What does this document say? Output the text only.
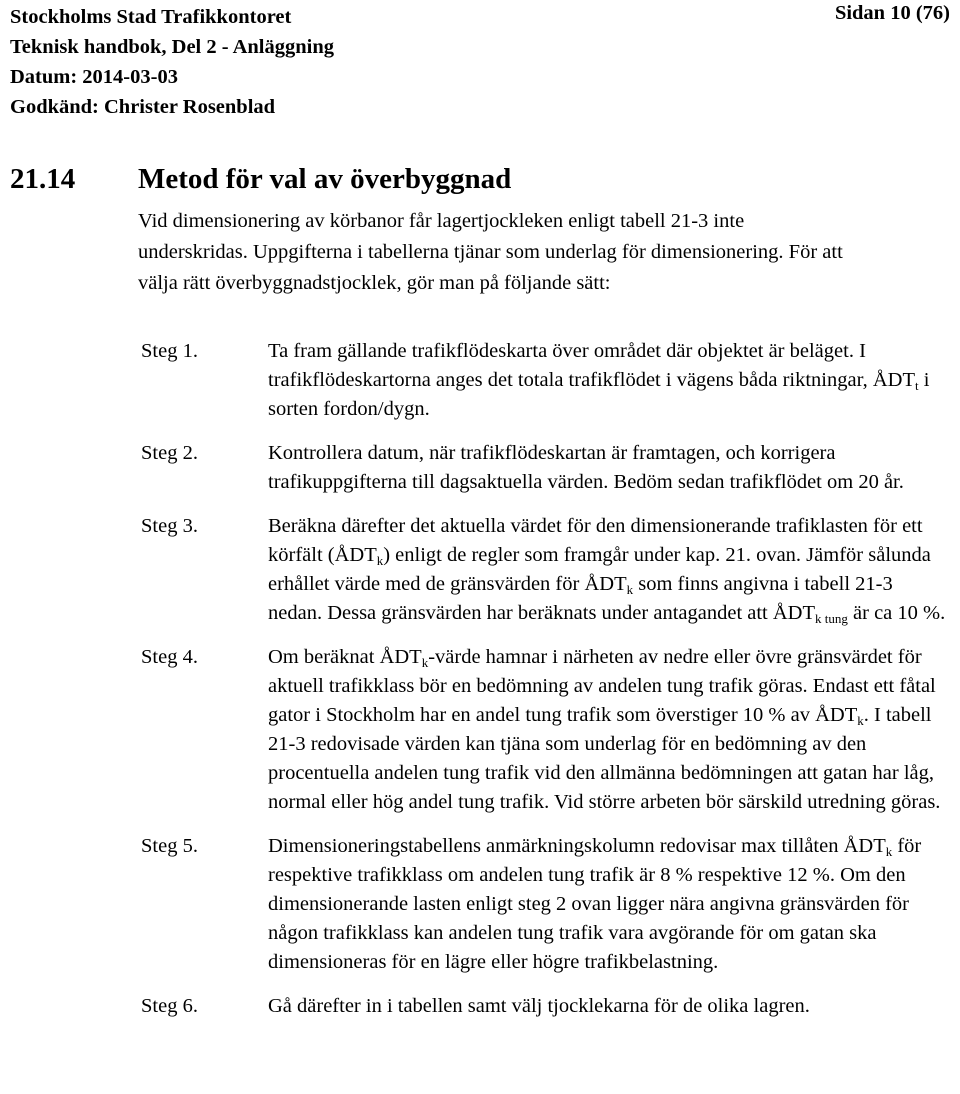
Stockholms Stad Trafikkontoret	Sidan 10 (76)
Teknisk handbok, Del 2 - Anläggning
Datum: 2014-03-03
Godkänd: Christer Rosenblad
21.14 Metod för val av överbyggnad

Vid dimensionering av körbanor får lagertjockleken enligt tabell 21-3 inte

underskridas. Uppgifterna i tabellerna tjänar som underlag för dimensionering. För att

välja rätt överbyggnadstjocklek, gör man på följande sätt:

Steg 1.	Ta fram gällande trafikflödeskarta över området där objektet är beläget. I trafikflödeskartorna anges det totala trafikflödet i vägens båda riktningar, $ÅDT_t$ i sorten fordon/dygn.

Steg 2.	Kontrollera datum, när trafikflödeskartan är framtagen, och korrigera trafikuppgifterna till dagsaktuella värden. Bedöm sedan trafikflödet om 20 år.

Steg 3.	Beräkna därefter det aktuella värdet för den dimensionerande trafiklasten för ett körfält $(ÅDT_k)$ enligt de regler som framgår under kap. 21. ovan. Jämför sålunda erhållet värde med de gränsvärden för $ÅDT_k$ som finns angivna i tabell 21-3 nedan. Dessa gränsvärden har beräknats under antagandet att $ÅDT_{k tung}$ är ca 10 %.

Steg 4.	Om beräknat $ÅDT_k$-värde hamnar i närheten av nedre eller övre gränsvärdet för aktuell trafikklass bör en bedömning av andelen tung trafik göras. Endast ett fåtal gator i Stockholm har en andel tung trafik som överstiger 10 % av $ÅDT_k$. I tabell 21-3 redovisade värden kan tjäna som underlag för en bedömning av den procentuella andelen tung trafik vid den allmänna bedömningen att gatan har låg, normal eller hög andel tung trafik. Vid större arbeten bör särskild utredning göras.

Steg 5.	Dimensioneringstabellens anmärkningskolumn redovisar max tillåten $ÅDT_k$ för respektive trafikklass om andelen tung trafik är 8 % respektive 12 %. Om den dimensionerande lasten enligt steg 2 ovan ligger nära angivna gränsvärden för någon trafikklass kan andelen tung trafik vara avgörande för om gatan ska dimensioneras för en lägre eller högre trafikbelastning.

Steg 6.	Gå därefter in i tabellen samt välj tjocklekarna för de olika lagren.
